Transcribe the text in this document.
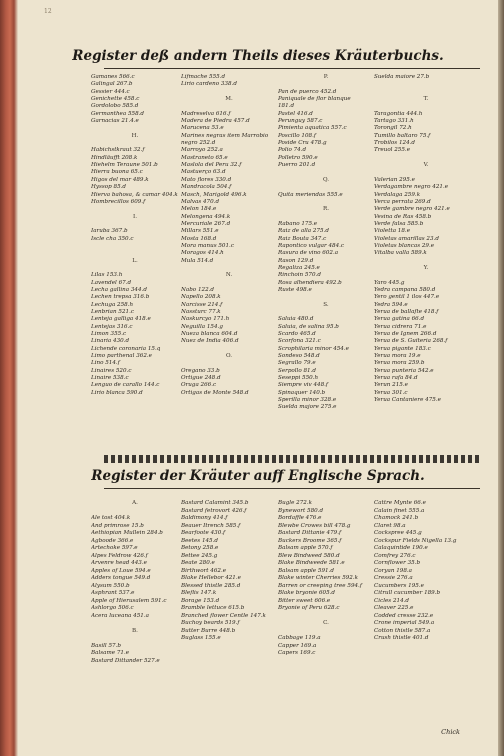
12
Register deß andern Theils dieses Kräuterbuchs.
Gamanes 566.c
Galingal 267.b
Gessier 444.c
Genichette 458.c
Gordolobo 585.d
Germanthea 558.d
Garnacias 21.4.e
H.
Habichstkraut 32.f
Hindläufft 208.k
Hiehelm Teraune 501.b
Hierra buona 65.c
Higos del mar 489.k
Hyssop 85.d
Hierva bahosa, & camar 404.k
Hombrecillos 609.f
I.
Iaruba 367.b
Iscle cha 350.c
L.
Lilas 153.h
Lavendel 67.d
Lecha gallina 344.d
Lechen trepsa 316.b
Lechuga 258.h
Lenbrian 521.c
Lenteja galliga 418.e
Lentejas 316.c
Limon 355.c
Linaria 430.d
Lichende coronaria 15.q
Limo parthenal 362.e
Lino 514.f
Linaires 520.c
Linaire 538.c
Lenguo de carallo 144.c
Lirio blanca 590.d
Lifmache 555.d
Lirio cardeno 338.d
M.
Madreselva 616.f
Madera de Piedra 457.d
Marucena 53.e
Marines negras item Marrobio
negro 252.d
Marroyo 252.a
Mastraneto 65.e
Maslola del Peru 32.f
Mastuerço 63.d
Mato flores 330.d
Mandracola 504.f
Masch, Marigold 496.k
Malvas 470.d
Melon 184.e
Melongena 494.k
Mercuriale 267.d
Millars 551.e
Mosta 168.d
Mora manus 501.c
Moragos 414.h
Mula 514.d
N.
Nabo 122.d
Napello 208.k
Narcisse 214.f
Nassturc 77.k
Naskurcyo 171.h
Neguilla 154.g
Nueza blanca 604.d
Nuez de India 406.d
O.
Oregano 33.b
Ortigue 248.d
Oruga 266.c
Ortigas de Monte 548.d
P.
Pan de puerco 452.d
Paniquale de flor blanque
181.d
Pastel 416.d
Perunguy 587.c
Pimienta aquatica 557.c
Poscillo 108.f
Poside Cru 478.g
Polio 74.d
Polletro 590.e
Puerro 201.d
Q.
Quita meriendas 555.e
R.
Rabano 175.e
Raiz de alla 275.d
Raiz Bouta 347.c
Rapontico vulgar 484.c
Rasura de vino 602.a
Rason 129.d
Regaliza 245.e
Rinchoin 570.d
Rosa alhendiera 492.b
Ruste 498.e
S.
Saluia 480.d
Saluia, de salina 95.b
Scardo 465.d
Scorfona 321.c
Scrophilaria minor 454.e
Sondeso 548.d
Segrallo 79.e
Serpollo 81.d
Seseppi 550.h
Siempre viv 448.f
Spinaquer 140.b
Sperilla minor 328.e
Suelda majore 275.e
Suelda maiore 27.b
T.
Taragontia 444.h
Tartago 331.h
Torongil 72.h
Tumillo baltaro 75.f
Trobilos 124.d
Treuol 255.e
V.
Valerian 295.e
Verdagambre negro 421.e
Verdalaga 259.k
Verca perrata 269.d
Verde gambre negro 421.e
Vesina de Ras 458.b
Verde falsa 585.b
Violetta 18.e
Violetas amarillas 23.d
Violetas blancas 29.e
Vitalba valla 589.k
Y.
Yaro 445.g
Yedra campana 580.d
Yero gentil 1 ilos 447.e
Yedra 594.e
Yerua de ballaſte 418.f
Yerua gatina 66.d
Yerua cidrera 71.e
Yerua de Ignem 266.d
Yerua de S. Guiteria 268.f
Yerua pigante 183.c
Yerua mora 19.e
Yerua mora 259.b
Yerua punteria 542.e
Yerua rafa 84.d
Yerun 215.e
Yerua 301.c
Yerua Cantaniere 475.e
Register der Kräuter auff Englische Sprach.
A.
Ale tost 404.k
And primrose 15.b
Aethiopian Mullein 284.b
Agboode 366.e
Artechoke 597.e
Alpes Feldrow 426.f
Arvenre head 443.e
Apples of Loue 594.e
Adders tongue 549.d
Alysum 550.b
Asphrant 537.e
Apple of Hierusalem 591.c
Ashlorgo 506.c
Acera luceana 451.a
B.
Basill 57.b
Balsame 71.e
Bastard Dittander 527.e
Bastard Calamint 345.b
Bastard fetrovort 426.f
Baldimony 414.f
Beauer Itrench 585.f
Bearfoote 430.f
Beetes 145.d
Betony 258.e
Bettee 245.g
Beate 280.e
Birthwort 462.e
Blake Hellebor 421.e
Blessed thistle 285.d
Bleflis 147.k
Borage 153.d
Bramble lettuce 615.b
Branched flower Centle 147.k
Buchoy beards 519.f
Butter Burre 448.b
Buglass 155.e
Bugle 272.k
Bynewort 580.d
Bordaffle 476.e
Blewbe Crowes bill 478.g
Bastard Dittanie 479.f
Buckers Broome 365.f
Balsam apple 570.f
Blew Bindweed 580.d
Blake Bindweede 581.e
Balsam apple 591.d
Blake winter Cherries 592.k
Barren or creeping tree 594.f
Blake bryonie 605.d
Bitter sweet 606.e
Bryonie of Peru 628.c
C.
Cabbage 119.a
Capper 169.a
Capers 169.c
Cattre Mynte 66.e
Calain finet 555.a
Chamock 241.b
Claret 98.a
Cockspree 445.g
Cockspur Fields Nigella 13.g
Calaquintide 190.e
Comfrey 276.c
Cornflower 35.b
Coryan 198.a
Cressie 276.a
Cucumbers 195.e
Citrull cucumber 189.b
Cicles 214.d
Cleaver 225.e
Codded cresse 232.e
Crone imperial 549.a
Cotton thistle 587.a
Crush thistle 401.d
Chick
